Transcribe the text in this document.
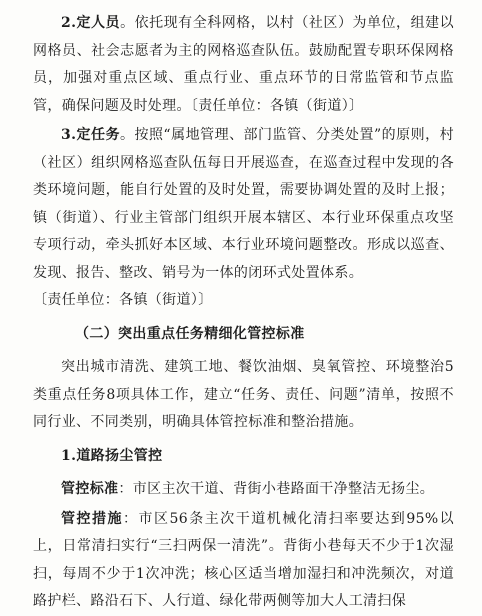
2.定人员。依托现有全科网格，以村（社区）为单位，组建以网格员、社会志愿者为主的网格巡查队伍。鼓励配置专职环保网格员，加强对重点区域、重点行业、重点环节的日常监管和节点监管，确保问题及时处理。〔责任单位：各镇（街道）〕

3.定任务。按照“属地管理、部门监管、分类处置”的原则，村（社区）组织网格巡查队伍每日开展巡查，在巡查过程中发现的各类环境问题，能自行处置的及时处置，需要协调处置的及时上报；镇（街道）、行业主管部门组织开展本辖区、本行业环保重点攻坚专项行动，牵头抓好本区域、本行业环境问题整改。形成以巡查、发现、报告、整改、销号为一体的闭环式处置体系。

〔责任单位：各镇（街道）〕

（二）突出重点任务精细化管控标准

突出城市清洗、建筑工地、餐饮油烟、臭氧管控、环境整治5类重点任务8项具体工作，建立“任务、责任、问题”清单，按照不同行业、不同类别，明确具体管控标准和整治措施。

1.道路扬尘管控

管控标准：市区主次干道、背街小巷路面干净整洁无扬尘。

管控措施：市区56条主次干道机械化清扫率要达到95%以上，日常清扫实行“三扫两保一清洗”。背街小巷每天不少于1次湿扫，每周不少于1次冲洗；核心区适当增加湿扫和冲洗频次，对道路护栏、路沿石下、人行道、绿化带两侧等加大人工清扫保
